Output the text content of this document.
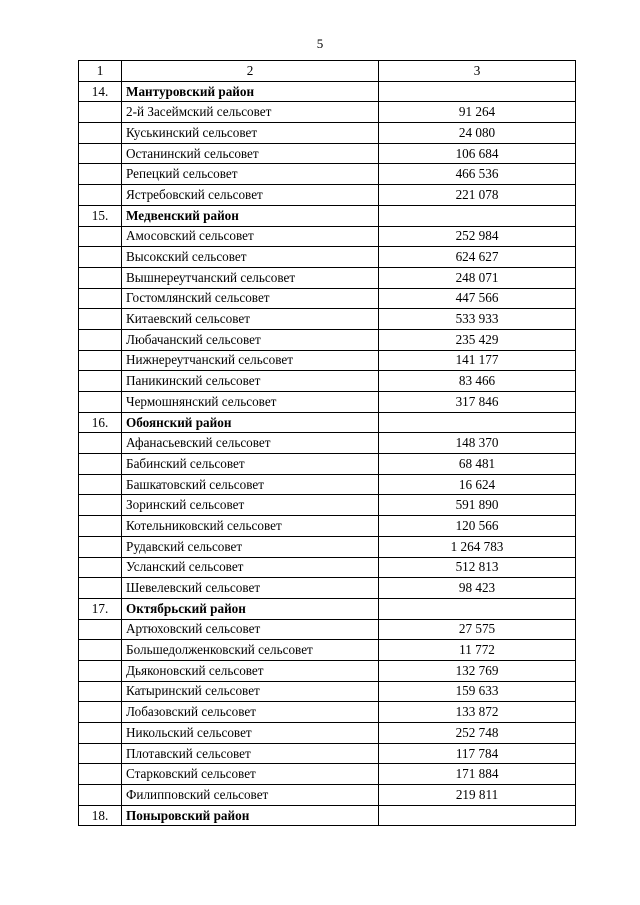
5
1	2	3
14.	Мантуровский район	
	2-й Засеймский сельсовет	91 264
	Куськинский сельсовет	24 080
	Останинский сельсовет	106 684
	Репецкий сельсовет	466 536
	Ястребовский сельсовет	221 078
15.	Медвенский район	
	Амосовский сельсовет	252 984
	Высокский сельсовет	624 627
	Вышнереутчанский сельсовет	248 071
	Гостомлянский сельсовет	447 566
	Китаевский сельсовет	533 933
	Любачанский сельсовет	235 429
	Нижнереутчанский сельсовет	141 177
	Паникинский сельсовет	83 466
	Чермошнянский сельсовет	317 846
16.	Обоянский район	
	Афанасьевский сельсовет	148 370
	Бабинский сельсовет	68 481
	Башкатовский сельсовет	16 624
	Зоринский сельсовет	591 890
	Котельниковский сельсовет	120 566
	Рудавский сельсовет	1 264 783
	Усланский сельсовет	512 813
	Шевелевский сельсовет	98 423
17.	Октябрьский район	
	Артюховский сельсовет	27 575
	Большедолженковский сельсовет	11 772
	Дьяконовский сельсовет	132 769
	Катыринский сельсовет	159 633
	Лобазовский сельсовет	133 872
	Никольский сельсовет	252 748
	Плотавский сельсовет	117 784
	Старковский сельсовет	171 884
	Филипповский сельсовет	219 811
18.	Поныровский район	
